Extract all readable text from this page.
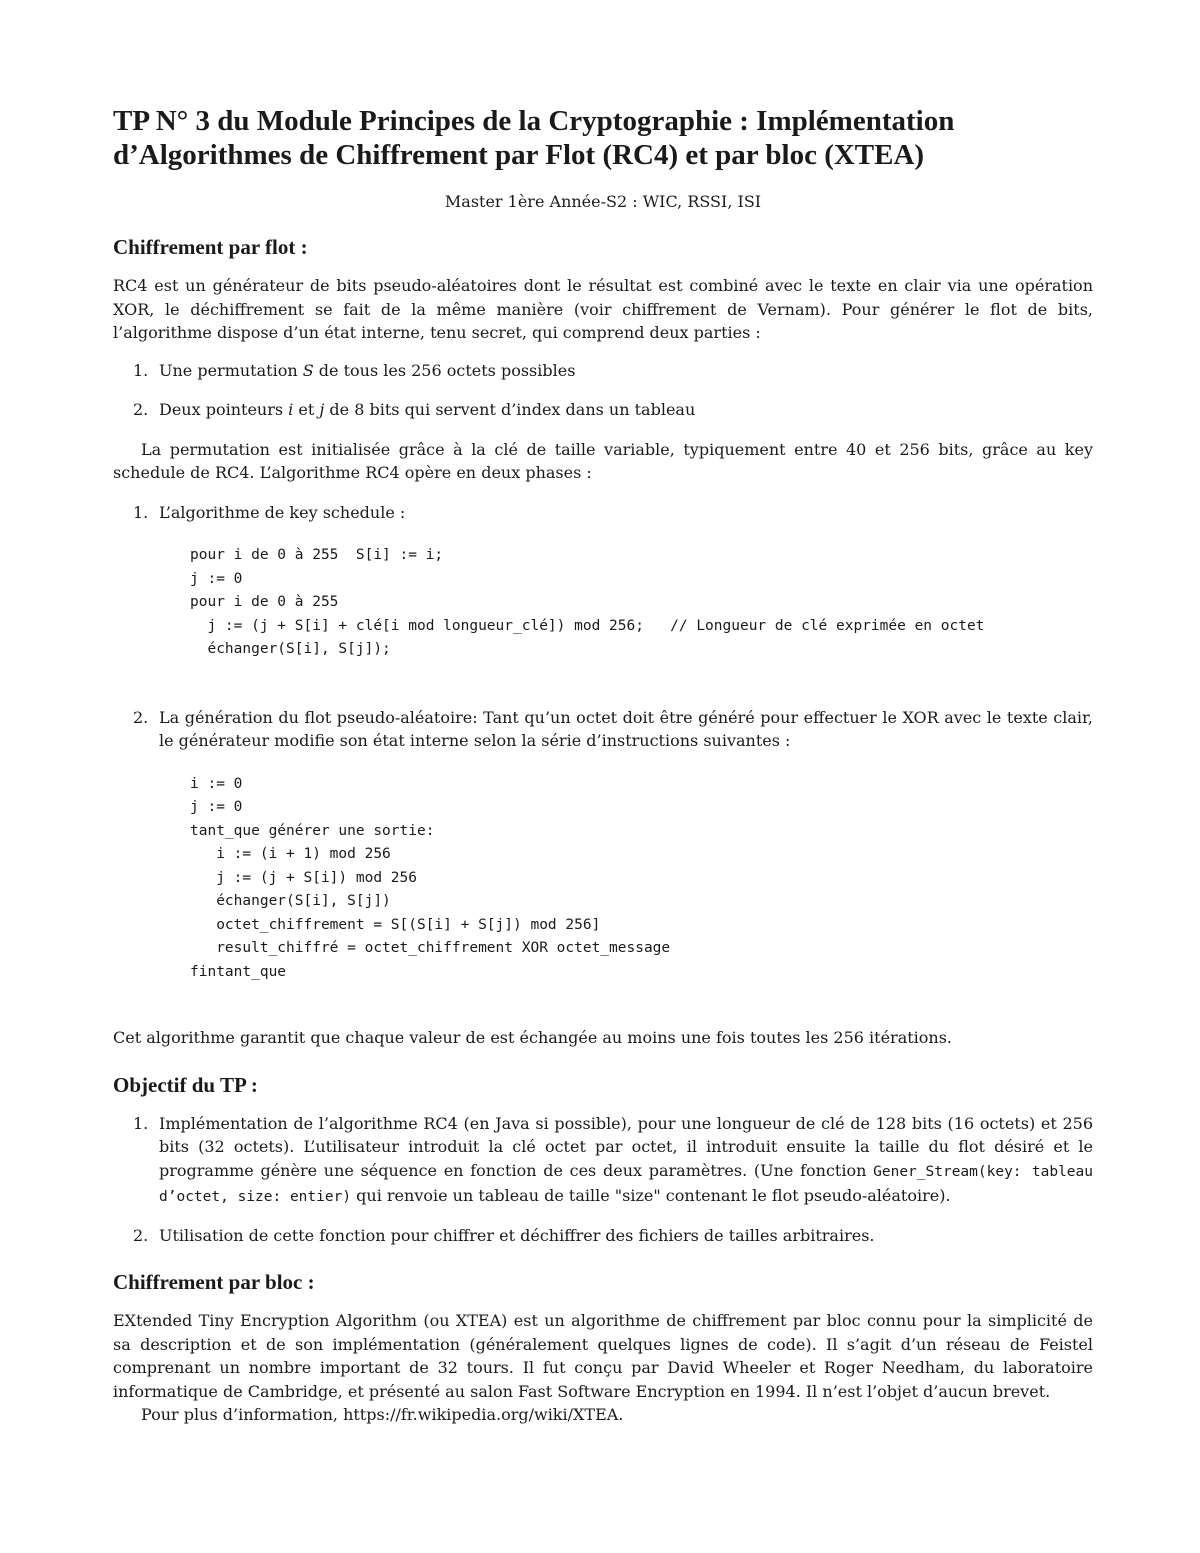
TP N° 3 du Module Principes de la Cryptographie : Implémentation
d’Algorithmes de Chiffrement par Flot (RC4) et par bloc (XTEA)

Master 1ère Année-S2 : WIC, RSSI, ISI

Chiffrement par flot :

RC4 est un générateur de bits pseudo-aléatoires dont le résultat est combiné avec le texte en clair via une opération XOR, le déchiffrement se fait de la même manière (voir chiffrement de Vernam). Pour générer le flot de bits, l’algorithme dispose d’un état interne, tenu secret, qui comprend deux parties :

1. Une permutation S de tous les 256 octets possibles
2. Deux pointeurs i et j de 8 bits qui servent d’index dans un tableau

La permutation est initialisée grâce à la clé de taille variable, typiquement entre 40 et 256 bits, grâce au key schedule de RC4. L’algorithme RC4 opère en deux phases :

1. L’algorithme de key schedule :
pour i de 0 à 255  S[i] := i;
j := 0
pour i de 0 à 255
j := (j + S[i] + clé[i mod longueur_clé]) mod 256;   // Longueur de clé exprimée en octet
échanger(S[i], S[j]);
2. La génération du flot pseudo-aléatoire: Tant qu’un octet doit être généré pour effectuer le XOR avec le texte clair, le générateur modifie son état interne selon la série d’instructions suivantes :
i := 0
j := 0
tant_que générer une sortie:
i := (i + 1) mod 256
j := (j + S[i]) mod 256
échanger(S[i], S[j])
octet_chiffrement = S[(S[i] + S[j]) mod 256]
result_chiffré = octet_chiffrement XOR octet_message
fintant_que

Cet algorithme garantit que chaque valeur de est échangée au moins une fois toutes les 256 itérations.

Objectif du TP :
1. Implémentation de l’algorithme RC4 (en Java si possible), pour une longueur de clé de 128 bits (16 octets) et 256 bits (32 octets). L’utilisateur introduit la clé octet par octet, il introduit ensuite la taille du flot désiré et le programme génère une séquence en fonction de ces deux paramètres. (Une fonction Gener_Stream(key: tableau d’octet, size: entier) qui renvoie un tableau de taille "size" contenant le flot pseudo-aléatoire).
2. Utilisation de cette fonction pour chiffrer et déchiffrer des fichiers de tailles arbitraires.
Chiffrement par bloc :

EXtended Tiny Encryption Algorithm (ou XTEA) est un algorithme de chiffrement par bloc connu pour la simplicité de sa description et de son implémentation (généralement quelques lignes de code). Il s’agit d’un réseau de Feistel comprenant un nombre important de 32 tours. Il fut conçu par David Wheeler et Roger Needham, du laboratoire informatique de Cambridge, et présenté au salon Fast Software Encryption en 1994. Il n’est l’objet d’aucun brevet.

Pour plus d’information, https://fr.wikipedia.org/wiki/XTEA.
